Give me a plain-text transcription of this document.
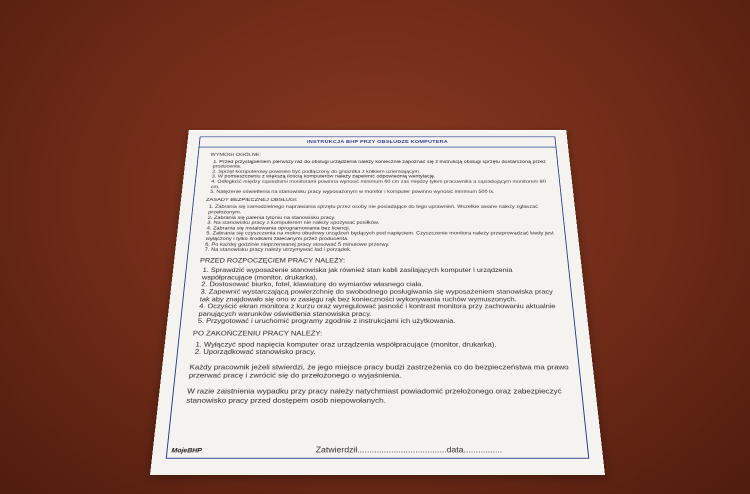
INSTRUKCJA BHP PRZY OBSŁUDZE KOMPUTERA
WYMOGI OGÓLNE:
1. Przed przystąpieniem pierwszy raz do obsługi urządzenia należy koniecznie zapoznać się z instrukcją obsługi sprzętu dostarczoną przez producenta.
2. Sprzęt komputerowy powinien być podłączony do gniazdka z kołkiem uziemiającym.
3. W pomieszczeniu z większą ilością komputerów należy zapewnić odpowiednią wentylację.
4. Odległość między sąsiednimi monitorami powinna wynosić minimum 60 cm zaś między tyłem pracownika a sąsiadującym monitorem 80 cm.
5. Natężenie oświetlenia na stanowisku pracy wyposażonym w monitor i komputer powinno wynosić minimum 500 lx.
ZASADY BEZPIECZNEJ OBSŁUGI:
1. Zabrania się samodzielnego naprawiania sprzętu przez osoby nie posiadające do tego uprawnień. Wszelkie awarie należy zgłaszać przełożonym.
2. Zabrania się palenia tytoniu na stanowisku pracy.
3. Na stanowisku pracy z komputerem nie należy spożywać posiłków.
4. Zabrania się instalowania oprogramowania bez licencji.
5. Zabrania się czyszczenia na mokro obudowy urządzeń będących pod napięciem. Czyszczenie monitora należy przeprowadzać kiedy jest wyłączony i tylko środkami zalecanymi przez producenta.
6. Po każdej godzinie nieprzerwanej pracy stosować 5 minutowe przerwy.
7. Na stanowisku pracy należy utrzymywać ład i porządek.
PRZED ROZPOCZĘCIEM PRACY NALEŻY:
1. Sprawdzić wyposażenie stanowiska jak również stan kabli zasilających komputer i urządzenia współpracujące (monitor, drukarka).
2. Dostosować biurko, fotel, klawiaturę do wymiarów własnego ciała.
3. Zapewnić wystarczającą powierzchnię do swobodnego posługiwania się wyposażeniem stanowiska pracy tak aby znajdowało się ono w zasięgu rąk bez konieczności wykonywania ruchów wymuszonych.
4. Oczyścić ekran monitora z kurzu oraz wyregulować jasność i kontrast monitora przy zachowaniu aktualnie panujących warunków oświetlenia stanowiska pracy.
5. Przygotować i uruchomić programy zgodnie z instrukcjami ich użytkowania.
PO ZAKOŃCZENIU PRACY NALEŻY:
1. Wyłączyć spod napięcia komputer oraz urządzenia współpracujące (monitor, drukarka).
2. Uporządkować stanowisko pracy.

Każdy pracownik jeżeli stwierdzi, że jego miejsce pracy budzi zastrzeżenia co do bezpieczeństwa ma prawo przerwać pracę i zwrócić się do przełożonego o wyjaśnienia.

W razie zaistnienia wypadku przy pracy należy natychmiast powiadomić przełożonego oraz zabezpieczyć stanowisko pracy przed dostępem osób niepowołanych.

MojeBHP	Zatwierdził.....................................data................
